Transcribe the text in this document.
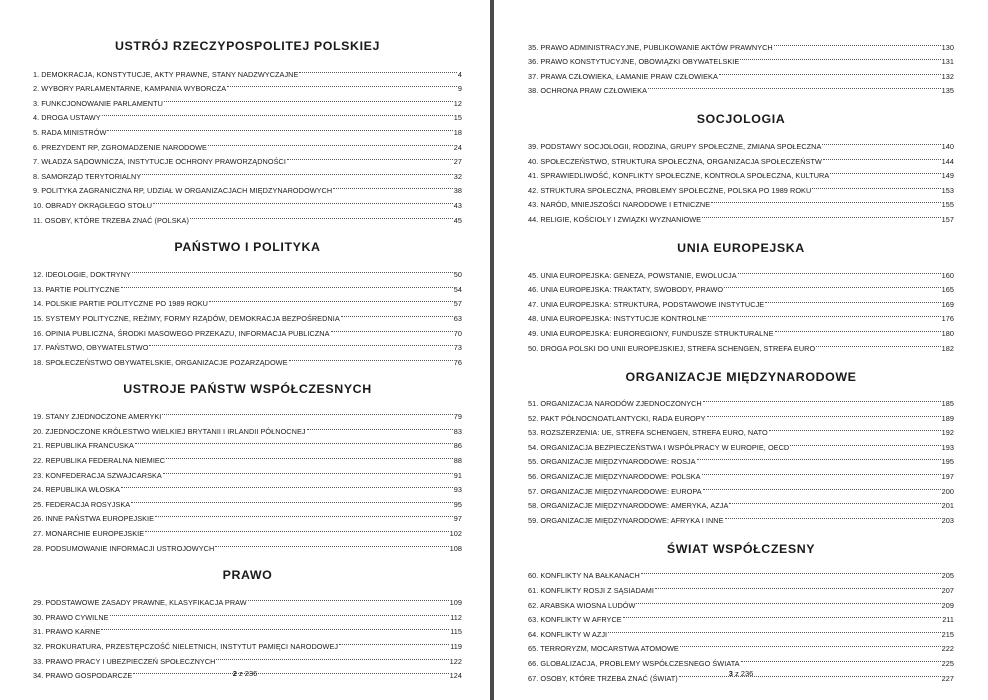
USTRÓJ RZECZYPOSPOLITEJ POLSKIEJ
1. DEMOKRACJA, KONSTYTUCJE, AKTY PRAWNE, STANY NADZWYCZAJNE	4
2. WYBORY PARLAMENTARNE, KAMPANIA WYBORCZA	9
3. FUNKCJONOWANIE PARLAMENTU	12
4. DROGA USTAWY	15
5. RADA MINISTRÓW	18
6. PREZYDENT RP, ZGROMADZENIE NARODOWE	24
7. WŁADZA SĄDOWNICZA, INSTYTUCJE OCHRONY PRAWORZĄDNOŚCI	27
8. SAMORZĄD TERYTORIALNY	32
9. POLITYKA ZAGRANICZNA RP, UDZIAŁ W ORGANIZACJACH MIĘDZYNARODOWYCH	38
10. OBRADY OKRĄGŁEGO STOŁU	43
11. OSOBY, KTÓRE TRZEBA ZNAĆ (POLSKA)	45
PAŃSTWO I POLITYKA
12. IDEOLOGIE, DOKTRYNY	50
13. PARTIE POLITYCZNE	54
14. POLSKIE PARTIE POLITYCZNE PO 1989 ROKU	57
15. SYSTEMY POLITYCZNE, REŻIMY, FORMY RZĄDÓW, DEMOKRACJA BEZPOŚREDNIA	63
16. OPINIA PUBLICZNA, ŚRODKI MASOWEGO PRZEKAZU, INFORMACJA PUBLICZNA	70
17. PAŃSTWO, OBYWATELSTWO	73
18. SPOŁECZEŃSTWO OBYWATELSKIE, ORGANIZACJE POZARZĄDOWE	76
USTROJE PAŃSTW WSPÓŁCZESNYCH
19. STANY ZJEDNOCZONE AMERYKI	79
20. ZJEDNOCZONE KRÓLESTWO WIELKIEJ BRYTANII I IRLANDII PÓŁNOCNEJ	83
21. REPUBLIKA FRANCUSKA	86
22. REPUBLIKA FEDERALNA NIEMIEC	88
23. KONFEDERACJA SZWAJCARSKA	91
24. REPUBLIKA WŁOSKA	93
25. FEDERACJA ROSYJSKA	95
26. INNE PAŃSTWA EUROPEJSKIE	97
27. MONARCHIE EUROPEJSKIE	102
28. PODSUMOWANIE INFORMACJI USTROJOWYCH	108
PRAWO
29. PODSTAWOWE ZASADY PRAWNE, KLASYFIKACJA PRAW	109
30. PRAWO CYWILNE	112
31. PRAWO KARNE	115
32. PROKURATURA, PRZESTĘPCZOŚĆ NIELETNICH, INSTYTUT PAMIĘCI NARODOWEJ	119
33. PRAWO PRACY I UBEZPIECZEŃ SPOŁECZNYCH	122
34. PRAWO GOSPODARCZE	124
2 z 236
35. PRAWO ADMINISTRACYJNE, PUBLIKOWANIE AKTÓW PRAWNYCH	130
36. PRAWO KONSTYTUCYJNE, OBOWIĄZKI OBYWATELSKIE	131
37. PRAWA CZŁOWIEKA, ŁAMANIE PRAW CZŁOWIEKA	132
38. OCHRONA PRAW CZŁOWIEKA	135
SOCJOLOGIA
39. PODSTAWY SOCJOLOGII, RODZINA, GRUPY SPOŁECZNE, ZMIANA SPOŁECZNA	140
40. SPOŁECZEŃSTWO, STRUKTURA SPOŁECZNA, ORGANIZACJA SPOŁECZEŃSTW	144
41. SPRAWIEDLIWOŚĆ, KONFLIKTY SPOŁECZNE, KONTROLA SPOŁECZNA, KULTURA	149
42. STRUKTURA SPOŁECZNA, PROBLEMY SPOŁECZNE, POLSKA PO 1989 ROKU	153
43. NARÓD, MNIEJSZOŚCI NARODOWE I ETNICZNE	155
44. RELIGIE, KOŚCIOŁY I ZWIĄZKI WYZNANIOWE	157
UNIA EUROPEJSKA
45. UNIA EUROPEJSKA: GENEZA, POWSTANIE, EWOLUCJA	160
46. UNIA EUROPEJSKA: TRAKTATY, SWOBODY, PRAWO	165
47. UNIA EUROPEJSKA: STRUKTURA, PODSTAWOWE INSTYTUCJE	169
48. UNIA EUROPEJSKA: INSTYTUCJE KONTROLNE	176
49. UNIA EUROPEJSKA: EUROREGIONY, FUNDUSZE STRUKTURALNE	180
50. DROGA POLSKI DO UNII EUROPEJSKIEJ, STREFA SCHENGEN, STREFA EURO	182
ORGANIZACJE MIĘDZYNARODOWE
51. ORGANIZACJA NARODÓW ZJEDNOCZONYCH	185
52. PAKT PÓŁNOCNOATLANTYCKI, RADA EUROPY	189
53. ROZSZERZENIA: UE, STREFA SCHENGEN, STREFA EURO, NATO	192
54. ORGANIZACJA BEZPIECZEŃSTWA I WSPÓŁPRACY W EUROPIE, OECD	193
55. ORGANIZACJE MIĘDZYNARODOWE: ROSJA	195
56. ORGANIZACJE MIĘDZYNARODOWE: POLSKA	197
57. ORGANIZACJE MIĘDZYNARODOWE: EUROPA	200
58. ORGANIZACJE MIĘDZYNARODOWE: AMERYKA, AZJA	201
59. ORGANIZACJE MIĘDZYNARODOWE: AFRYKA I INNE	203
ŚWIAT WSPÓŁCZESNY
60. KONFLIKTY NA BAŁKANACH	205
61. KONFLIKTY ROSJI Z SĄSIADAMI	207
62. ARABSKA WIOSNA LUDÓW	209
63. KONFLIKTY W AFRYCE	211
64. KONFLIKTY W AZJI	215
65. TERRORYZM, MOCARSTWA ATOMOWE	222
66. GLOBALIZACJA, PROBLEMY WSPÓŁCZESNEGO ŚWIATA	225
67. OSOBY, KTÓRE TRZEBA ZNAĆ (ŚWIAT)	227
3 z 236
